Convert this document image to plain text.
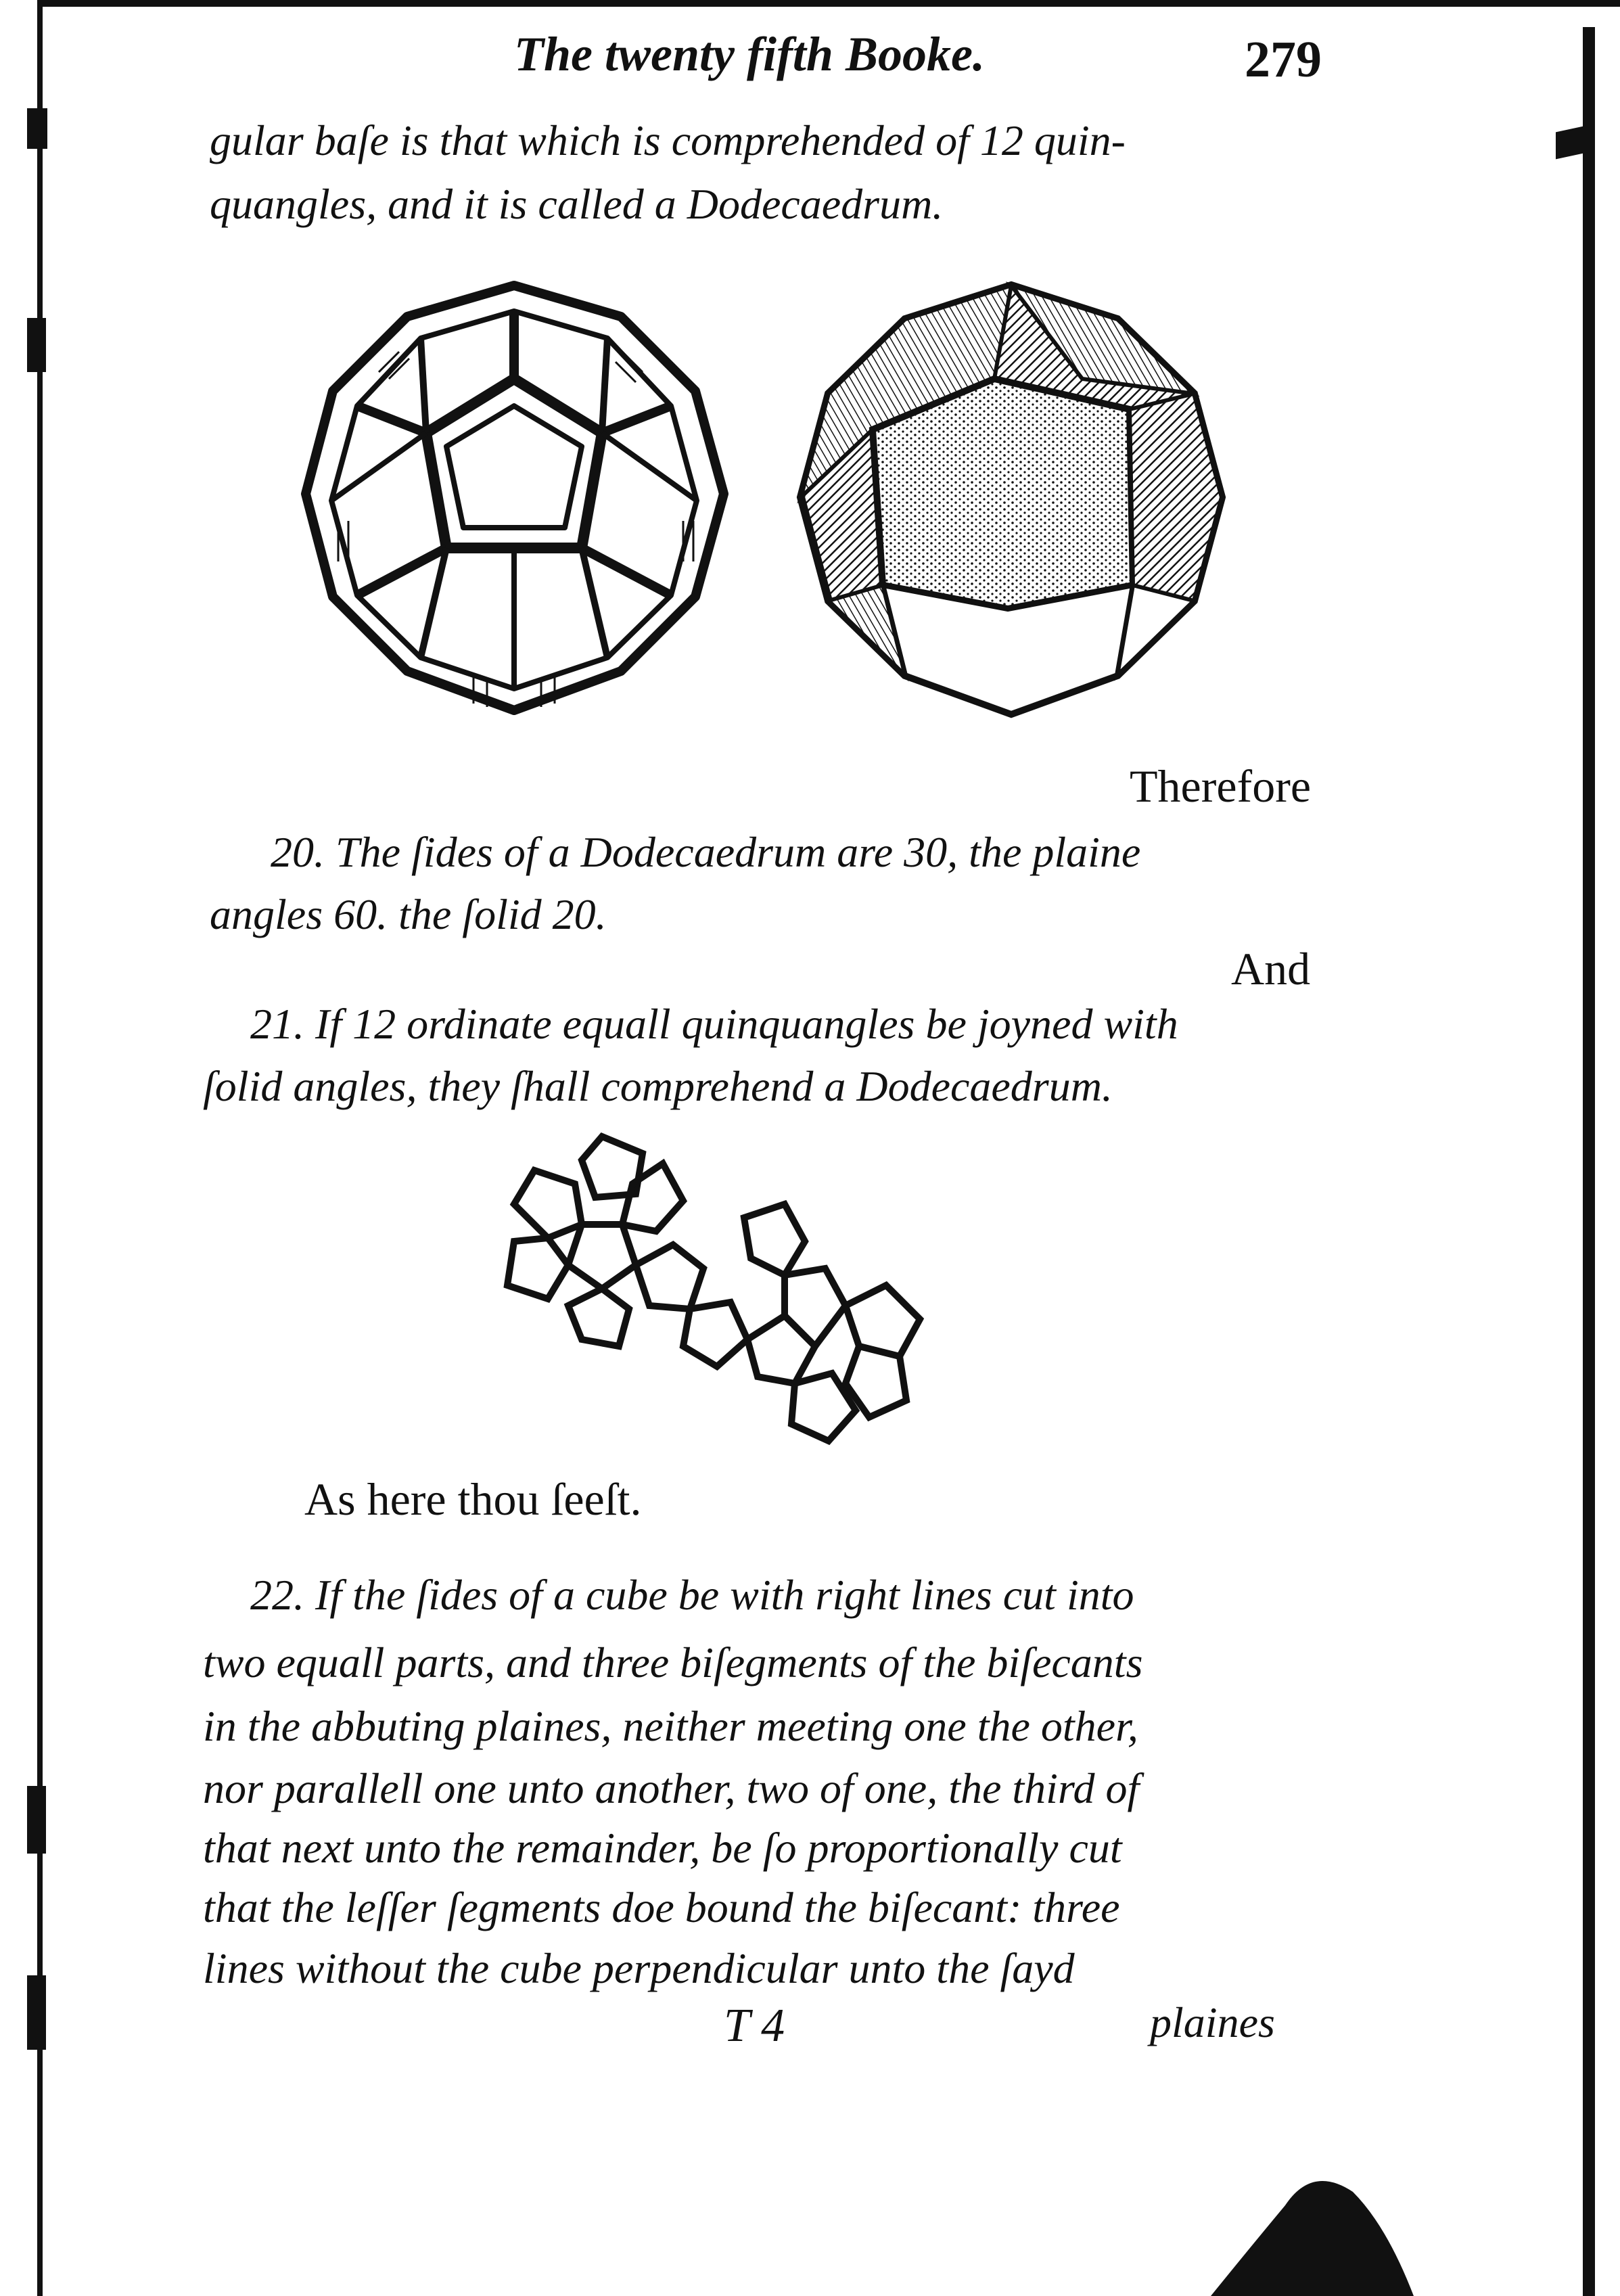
The twenty fifth Booke.	279
gular baſe is that which is comprehended of 12 quin-
quangles, and it is called a Dodecaedrum.
Therefore
20. The ſides of a Dodecaedrum are 30, the plaine
angles 60. the ſolid 20.
And
21. If 12 ordinate equall quinquangles be joyned with
ſolid angles, they ſhall comprehend a Dodecaedrum.
As here thou ſeeſt.
22. If the ſides of a cube be with right lines cut into
two equall parts, and three biſegments of the biſecants
in the abbuting plaines, neither meeting one the other,
nor parallell one unto another, two of one, the third of
that next unto the remainder, be ſo proportionally cut
that the leſſer ſegments doe bound the biſecant: three
lines without the cube perpendicular unto the ſayd
T 4	plaines
